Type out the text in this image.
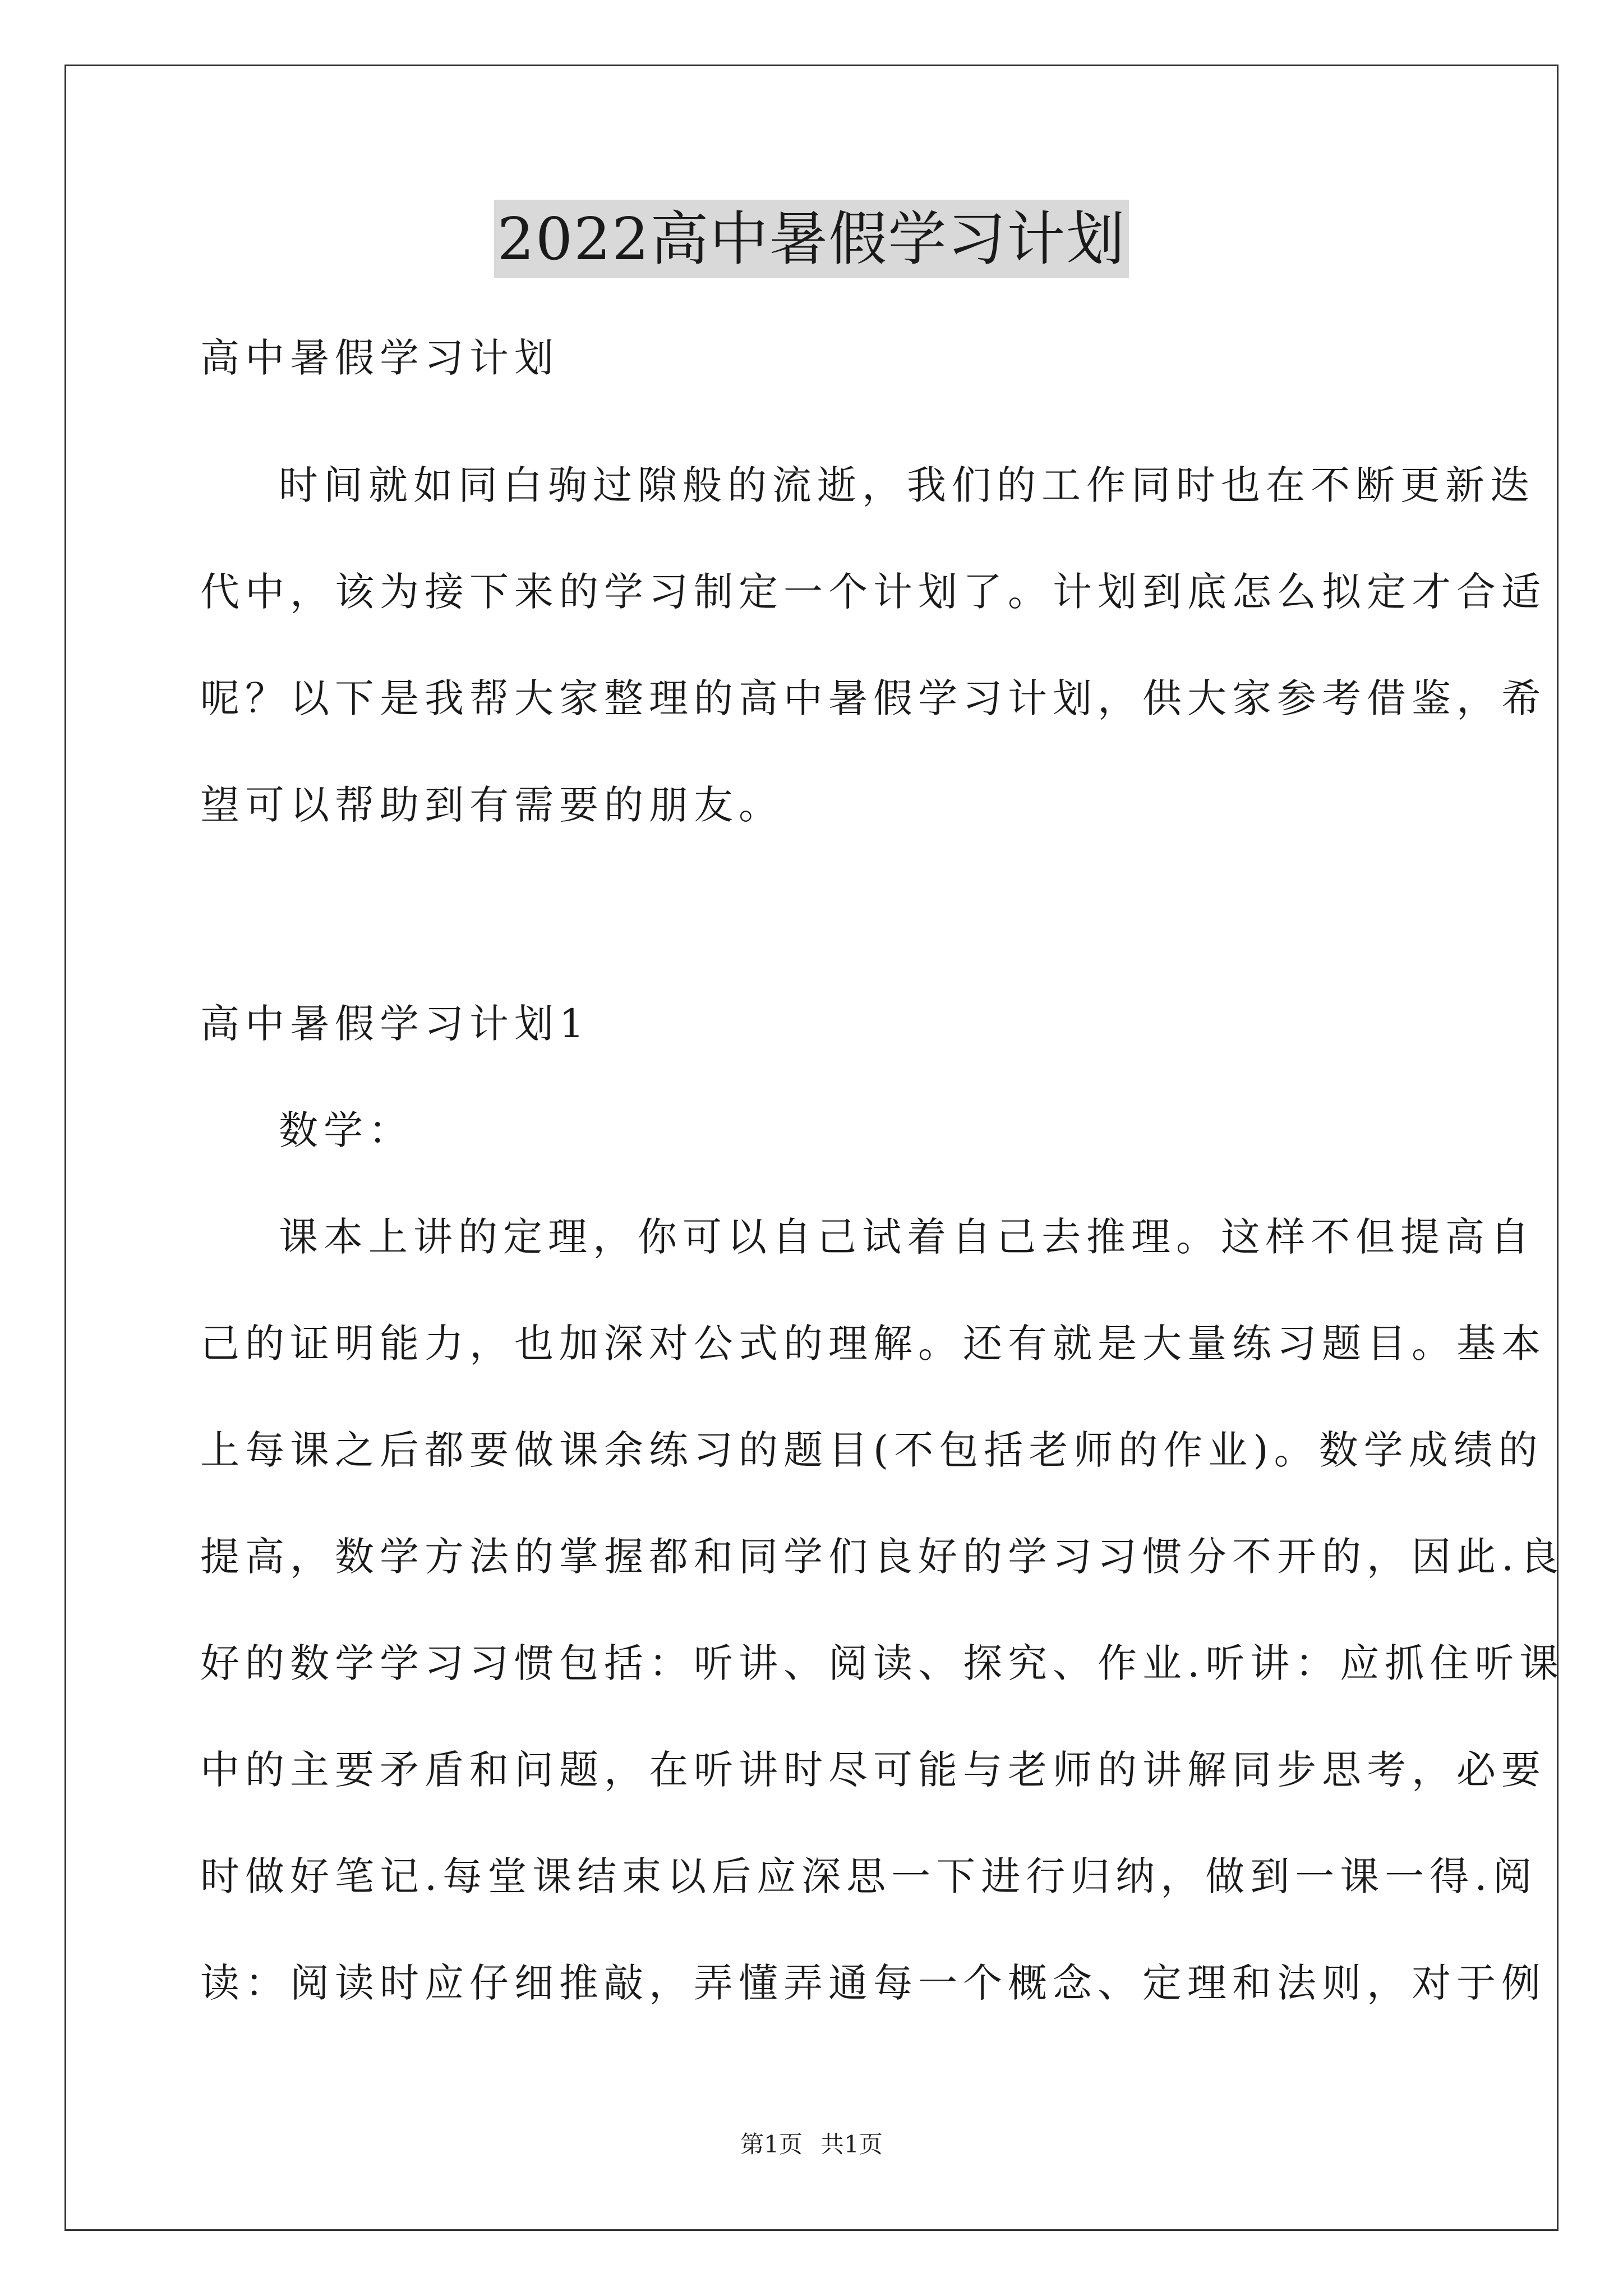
2022高中暑假学习计划
高中暑假学习计划
时间就如同白驹过隙般的流逝，我们的工作同时也在不断更新迭
代中，该为接下来的学习制定一个计划了。计划到底怎么拟定才合适
呢？以下是我帮大家整理的高中暑假学习计划，供大家参考借鉴，希
望可以帮助到有需要的朋友。
高中暑假学习计划1
数学：
课本上讲的定理，你可以自己试着自己去推理。这样不但提高自
己的证明能力，也加深对公式的理解。还有就是大量练习题目。基本
上每课之后都要做课余练习的题目(不包括老师的作业)。数学成绩的
提高，数学方法的掌握都和同学们良好的学习习惯分不开的，因此.良
好的数学学习习惯包括：听讲、阅读、探究、作业.听讲：应抓住听课
中的主要矛盾和问题，在听讲时尽可能与老师的讲解同步思考，必要
时做好笔记.每堂课结束以后应深思一下进行归纳，做到一课一得.阅
读：阅读时应仔细推敲，弄懂弄通每一个概念、定理和法则，对于例
第1页 共1页
